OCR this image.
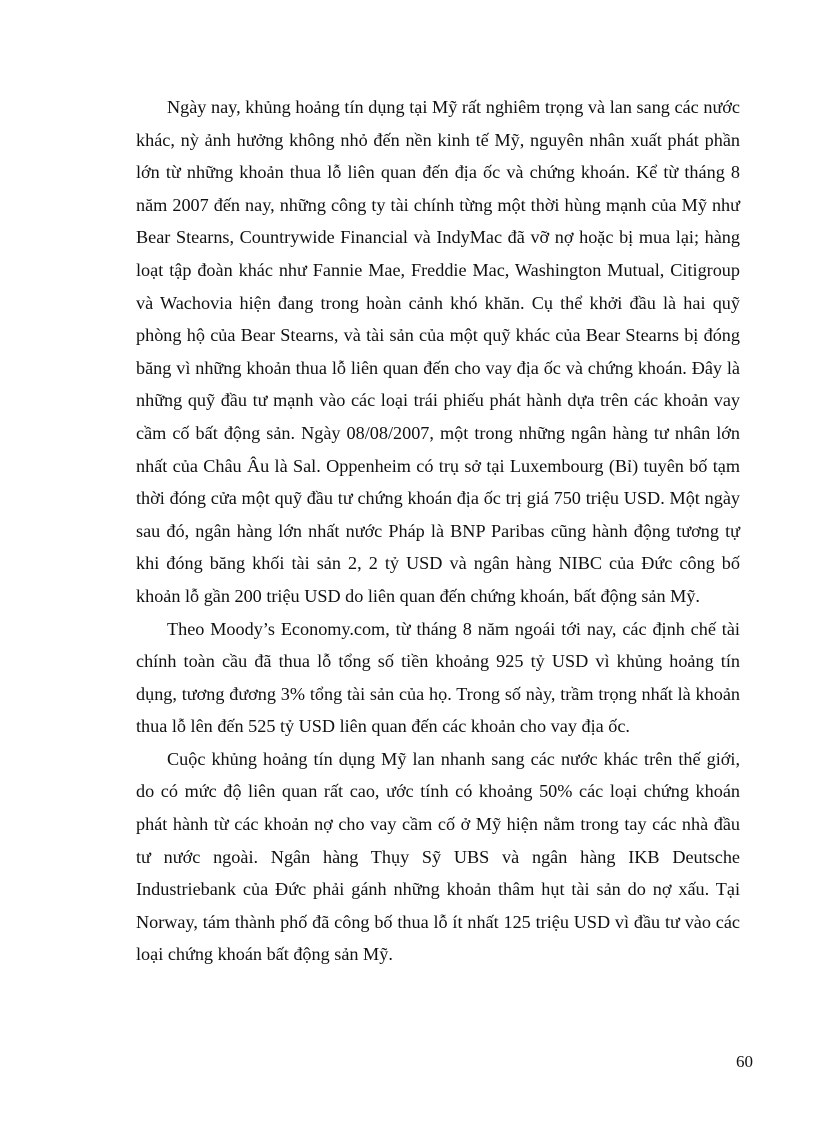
Ngày nay, khủng hoảng tín dụng tại Mỹ rất nghiêm trọng và lan sang các nước khác, nỳ ảnh hưởng không nhỏ đến nền kinh tế Mỹ, nguyên nhân xuất phát phần lớn từ những khoản thua lỗ liên quan đến địa ốc và chứng khoán. Kể từ tháng 8 năm 2007 đến nay, những công ty tài chính từng một thời hùng mạnh của Mỹ như Bear Stearns, Countrywide Financial và IndyMac đã vỡ nợ hoặc bị mua lại; hàng loạt tập đoàn khác như Fannie Mae, Freddie Mac, Washington Mutual, Citigroup và Wachovia hiện đang trong hoàn cảnh khó khăn. Cụ thể khởi đầu là hai quỹ phòng hộ của Bear Stearns, và tài sản của một quỹ khác của Bear Stearns bị đóng băng vì những khoản thua lỗ liên quan đến cho vay địa ốc và chứng khoán. Đây là những quỹ đầu tư mạnh vào các loại trái phiếu phát hành dựa trên các khoản vay cầm cố bất động sản. Ngày 08/08/2007, một trong những ngân hàng tư nhân lớn nhất của Châu Âu là Sal. Oppenheim có trụ sở tại Luxembourg (Bỉ) tuyên bố tạm thời đóng cửa một quỹ đầu tư chứng khoán địa ốc trị giá 750 triệu USD. Một ngày sau đó, ngân hàng lớn nhất nước Pháp là BNP Paribas cũng hành động tương tự khi đóng băng khối tài sản 2, 2 tỷ USD và ngân hàng NIBC của Đức công bố khoản lỗ gần 200 triệu USD do liên quan đến chứng khoán, bất động sản Mỹ.

Theo Moody’s Economy.com, từ tháng 8 năm ngoái tới nay, các định chế tài chính toàn cầu đã thua lỗ tổng số tiền khoảng 925 tỷ USD vì khủng hoảng tín dụng, tương đương 3% tổng tài sản của họ. Trong số này, trầm trọng nhất là khoản thua lỗ lên đến 525 tỷ USD liên quan đến các khoản cho vay địa ốc.

Cuộc khủng hoảng tín dụng Mỹ lan nhanh sang các nước khác trên thế giới, do có mức độ liên quan rất cao, ước tính có khoảng 50% các loại chứng khoán phát hành từ các khoản nợ cho vay cầm cố ở Mỹ hiện nằm trong tay các nhà đầu tư nước ngoài. Ngân hàng Thụy Sỹ UBS và ngân hàng IKB Deutsche Industriebank của Đức phải gánh những khoản thâm hụt tài sản do nợ xấu. Tại Norway, tám thành phố đã công bố thua lỗ ít nhất 125 triệu USD vì đầu tư vào các loại chứng khoán bất động sản Mỹ.

60
